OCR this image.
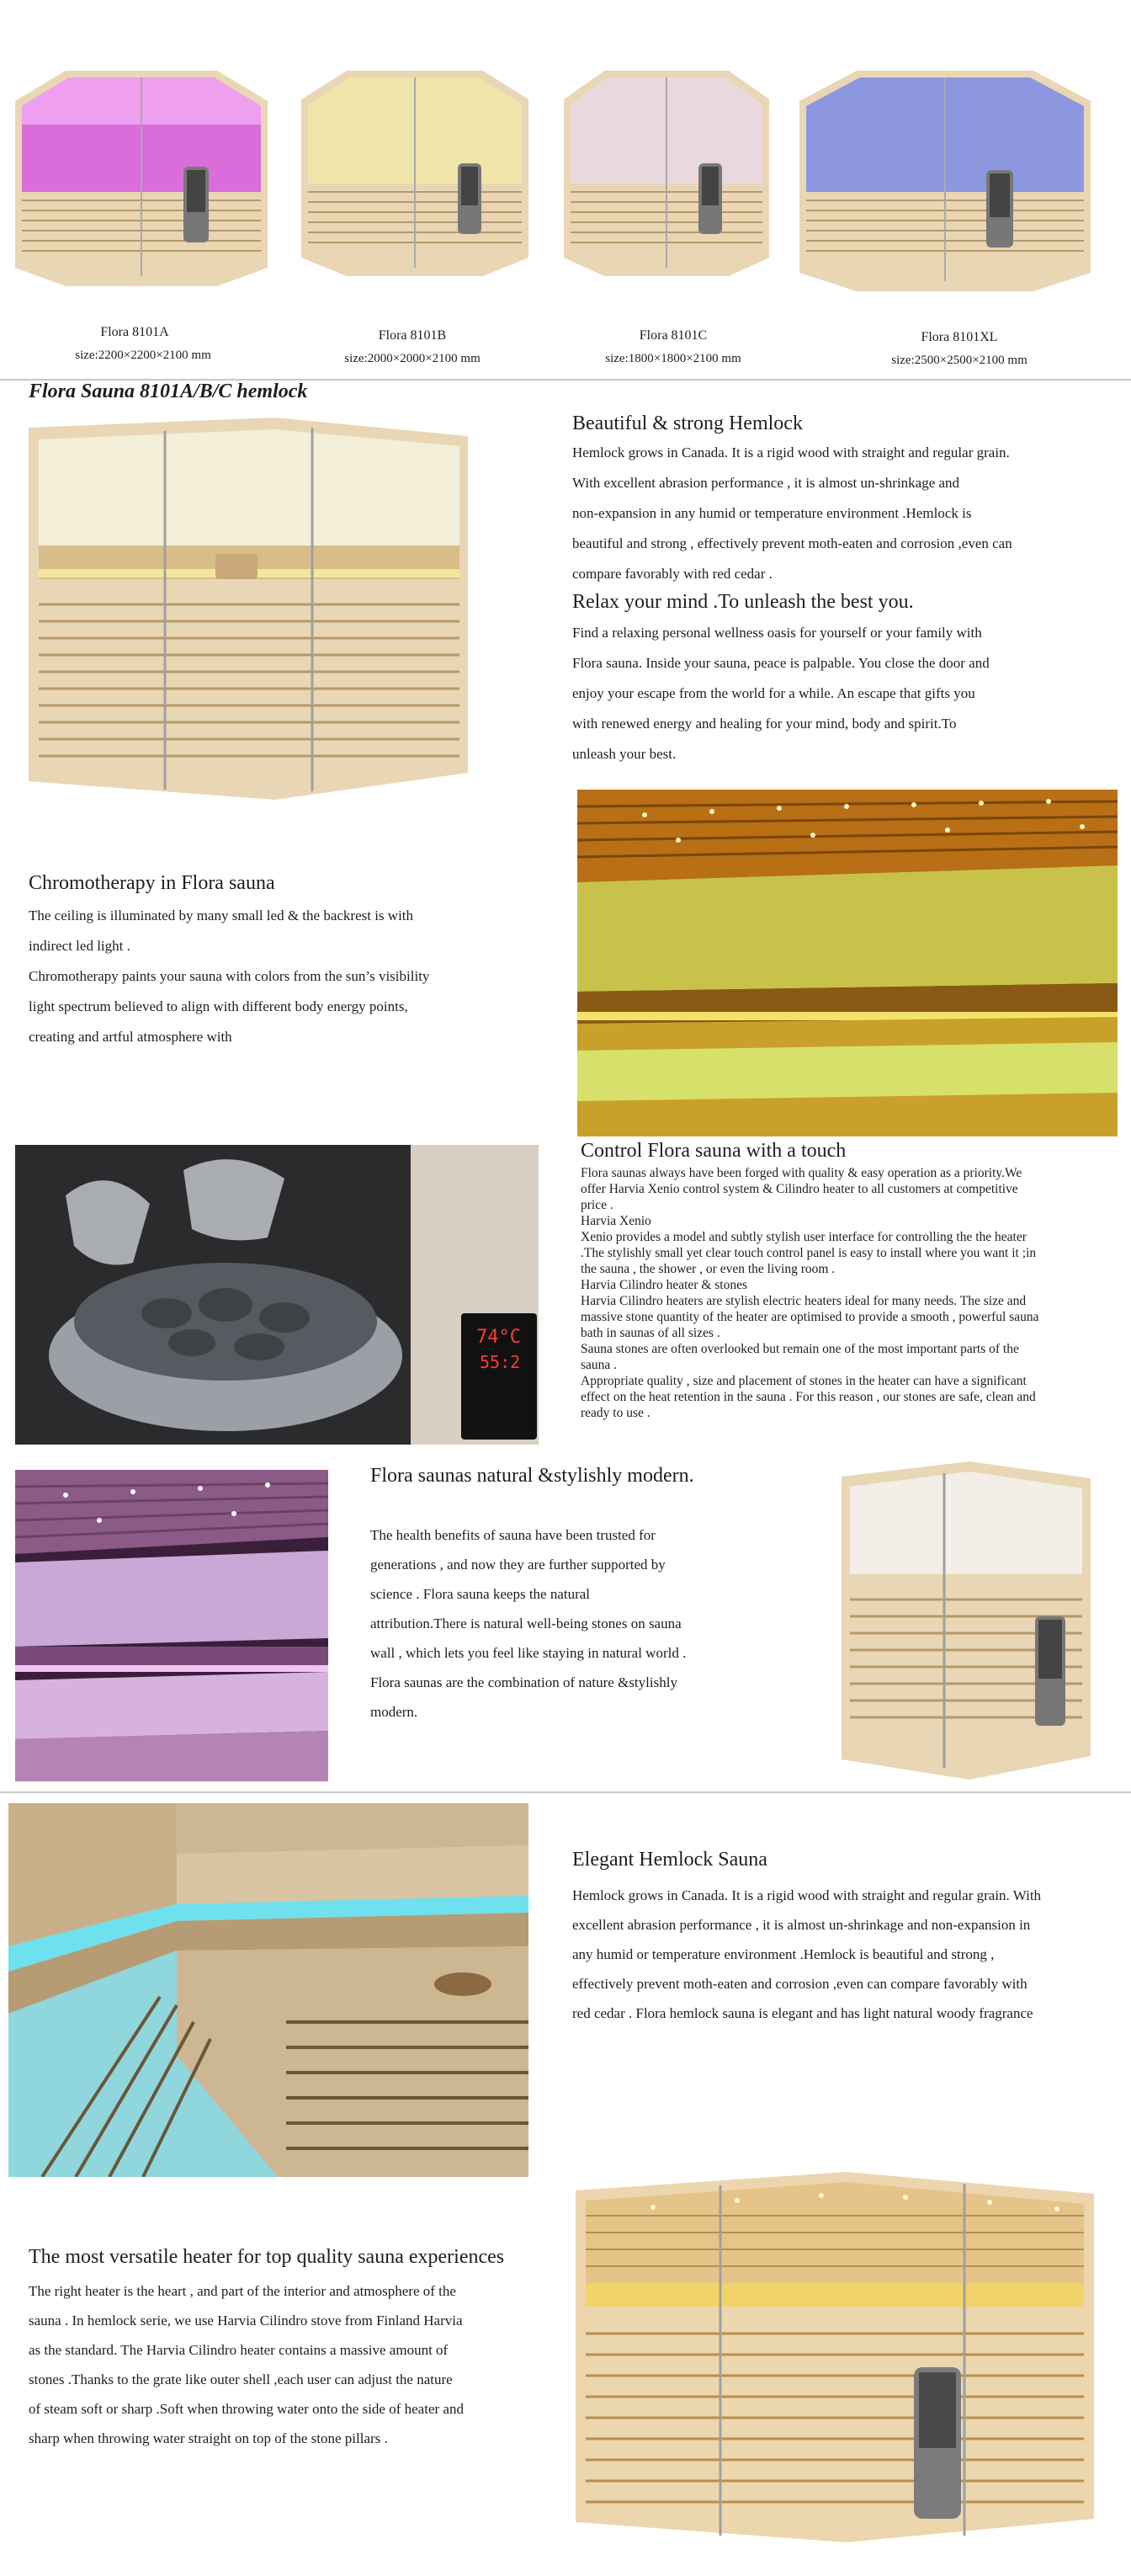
Flora 8101A
size:2200×2200×2100 mm
Flora 8101B
size:2000×2000×2100 mm
Flora 8101C
size:1800×1800×2100 mm
Flora 8101XL
size:2500×2500×2100 mm
Flora Sauna 8101A/B/C hemlock
Beautiful & strong Hemlock
Hemlock grows in Canada. It is a rigid wood with straight and regular grain.
With excellent abrasion performance , it is almost un-shrinkage and
non-expansion in any humid or temperature environment .Hemlock is
beautiful and strong , effectively prevent moth-eaten and corrosion ,even can
compare favorably with red cedar .
Relax your mind .To unleash the best you.
Find a relaxing personal wellness oasis for yourself or your family with
Flora sauna. Inside your sauna, peace is palpable. You close the door and
enjoy your escape from the world for a while. An escape that gifts you
with renewed energy and healing for your mind, body and spirit.To
unleash your best.
Chromotherapy in Flora sauna
The ceiling is illuminated by many small led & the backrest is with
indirect led light .
Chromotherapy paints your sauna with colors from the sun’s visibility
light spectrum believed to align with different body energy points,
creating and artful atmosphere with
74°C
55:2
Control Flora sauna with a touch
Flora saunas always have been forged with quality & easy operation as a priority.We
offer Harvia Xenio control system & Cilindro heater to all customers at competitive
price .
Harvia Xenio
Xenio provides a model and subtly stylish user interface for controlling the the heater
.The stylishly small yet clear touch control panel is easy to install where you want it ;in
the sauna , the shower , or even the living room .
Harvia Cilindro heater & stones
Harvia Cilindro heaters are stylish electric heaters ideal for many needs. The size and
massive stone quantity of the heater are optimised to provide a smooth , powerful sauna
bath in saunas of all sizes .
Sauna stones are often overlooked but remain one of the most important parts of the
sauna .
Appropriate quality , size and placement of stones in the heater can have a significant
effect on the heat retention in the sauna . For this reason , our stones are safe, clean and
ready to use .
Flora saunas natural &stylishly modern.
The health benefits of sauna have been trusted for
generations , and now they are further supported by
science . Flora sauna keeps the natural
attribution.There is natural well-being stones on sauna
wall , which lets you feel like staying in natural world .
Flora saunas are the combination of nature &stylishly
modern.
Elegant Hemlock Sauna
Hemlock grows in Canada. It is a rigid wood with straight and regular grain. With
excellent abrasion performance , it is almost un-shrinkage and non-expansion in
any humid or temperature environment .Hemlock is beautiful and strong ,
effectively prevent moth-eaten and corrosion ,even can compare favorably with
red cedar . Flora hemlock sauna is elegant and has light natural woody fragrance
The most versatile heater for top quality sauna experiences
The right heater is the heart , and part of the interior and atmosphere of the
sauna . In hemlock serie, we use Harvia Cilindro stove from Finland Harvia
as the standard. The Harvia Cilindro heater contains a massive amount of
stones .Thanks to the grate like outer shell ,each user can adjust the nature
of steam soft or sharp .Soft when throwing water onto the side of heater and
sharp when throwing water straight on top of the stone pillars .
